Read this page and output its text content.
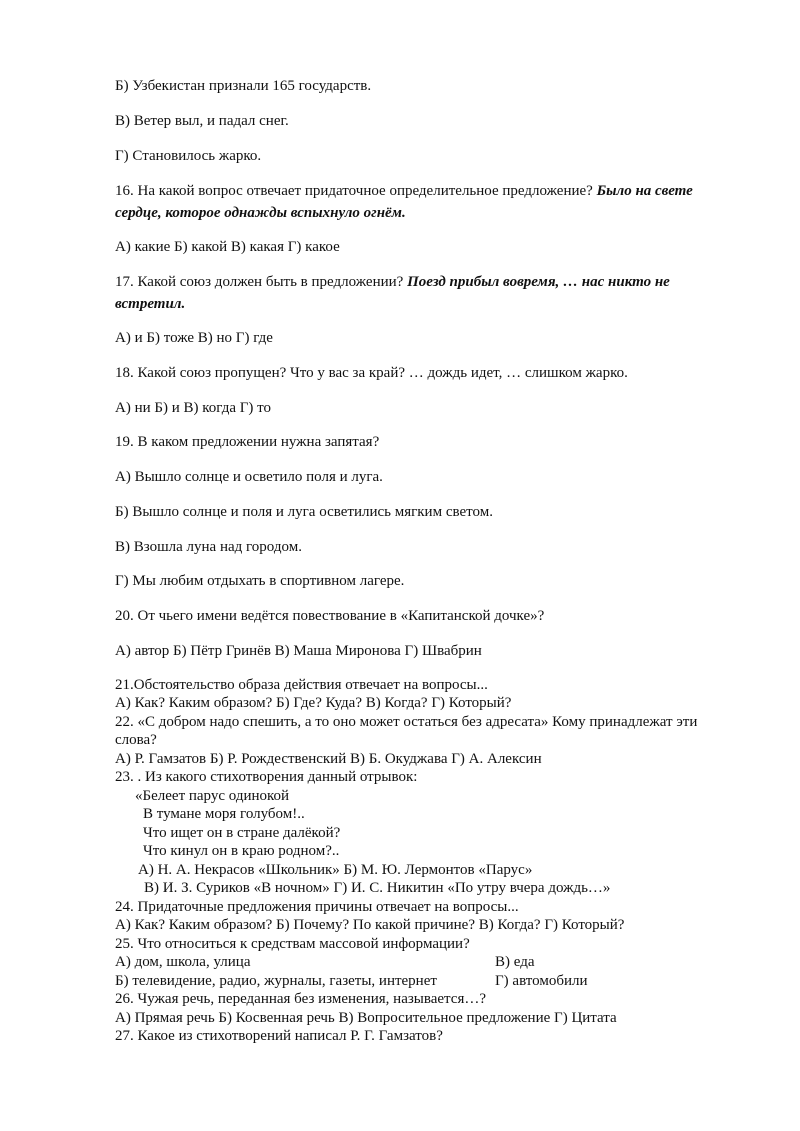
Б) Узбекистан признали 165 государств.
В) Ветер выл, и падал снег.
Г) Становилось жарко.
16. На какой вопрос отвечает придаточное определительное предложение? Было на свете
сердце, которое однажды вспыхнуло огнём.
А) какие Б) какой В) какая Г) какое
17. Какой союз должен быть в предложении? Поезд прибыл вовремя, … нас никто не
встретил.
А) и Б) тоже В) но Г) где
18. Какой союз пропущен? Что у вас за край? … дождь идет, … слишком жарко.
А) ни Б) и В) когда Г) то
19. В каком предложении нужна запятая?
А) Вышло солнце и осветило поля и луга.
Б) Вышло солнце и поля и луга осветились мягким светом.
В) Взошла луна над городом.
Г) Мы любим отдыхать в спортивном лагере.
20. От чьего имени ведётся повествование в «Капитанской дочке»?
А) автор Б) Пётр Гринёв В) Маша Миронова Г) Швабрин
21.Обстоятельство образа действия отвечает на вопросы...
А) Как? Каким образом? Б) Где? Куда? В) Когда? Г) Который?
22. «С добром надо спешить, а то оно может остаться без адресата» Кому принадлежат эти
слова?
А) Р. Гамзатов Б) Р. Рождественский В) Б. Окуджава Г) А. Алексин
23. . Из какого стихотворения данный отрывок:
«Белеет парус одинокой
В тумане моря голубом!..
Что ищет он в стране далёкой?
Что кинул он в краю родном?..
А) Н. А. Некрасов «Школьник» Б) М. Ю. Лермонтов «Парус»
В) И. З. Суриков «В ночном» Г) И. С. Никитин «По утру вчера дождь…»
24. Придаточные предложения причины отвечает на вопросы...
А) Как? Каким образом? Б) Почему? По какой причине? В) Когда? Г) Который?
25. Что относиться к средствам массовой информации?
А) дом, школа, улица	В) еда
Б) телевидение, радио, журналы, газеты, интернет	Г) автомобили
26. Чужая речь, переданная без изменения, называется…?
А) Прямая речь Б) Косвенная речь В) Вопросительное предложение Г) Цитата
27. Какое из стихотворений написал Р. Г. Гамзатов?
